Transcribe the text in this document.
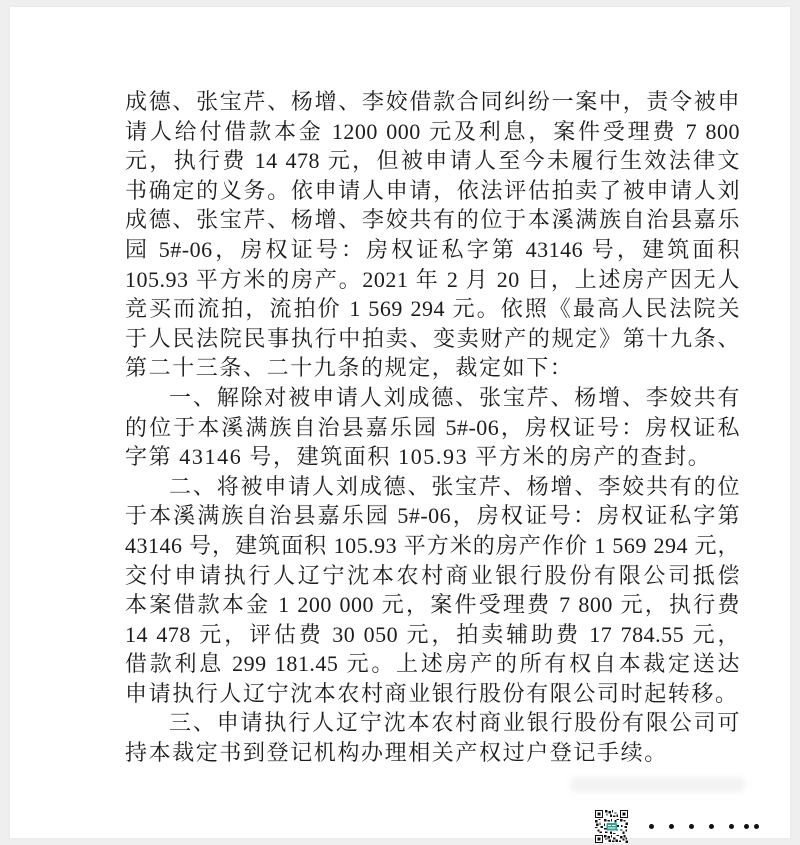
成德、张宝芹、杨增、李姣借款合同纠纷一案中，责令被申
请人给付借款本金 1200 000 元及利息，案件受理费 7 800
元，执行费 14 478 元，但被申请人至今未履行生效法律文
书确定的义务。依申请人申请，依法评估拍卖了被申请人刘
成德、张宝芹、杨增、李姣共有的位于本溪满族自治县嘉乐
园 5#-06，房权证号：房权证私字第 43146 号，建筑面积
105.93 平方米的房产。2021 年 2 月 20 日，上述房产因无人
竞买而流拍，流拍价 1 569 294 元。依照《最高人民法院关
于人民法院民事执行中拍卖、变卖财产的规定》第十九条、
第二十三条、二十九条的规定，裁定如下：
一、解除对被申请人刘成德、张宝芹、杨增、李姣共有
的位于本溪满族自治县嘉乐园 5#-06，房权证号：房权证私
字第 43146 号，建筑面积 105.93 平方米的房产的查封。
二、将被申请人刘成德、张宝芹、杨增、李姣共有的位
于本溪满族自治县嘉乐园 5#-06，房权证号：房权证私字第
43146 号，建筑面积 105.93 平方米的房产作价 1 569 294 元，
交付申请执行人辽宁沈本农村商业银行股份有限公司抵偿
本案借款本金 1 200 000 元，案件受理费 7 800 元，执行费
14 478 元，评估费 30 050 元，拍卖辅助费 17 784.55 元，
借款利息 299 181.45 元。上述房产的所有权自本裁定送达
申请执行人辽宁沈本农村商业银行股份有限公司时起转移。
三、申请执行人辽宁沈本农村商业银行股份有限公司可
持本裁定书到登记机构办理相关产权过户登记手续。
